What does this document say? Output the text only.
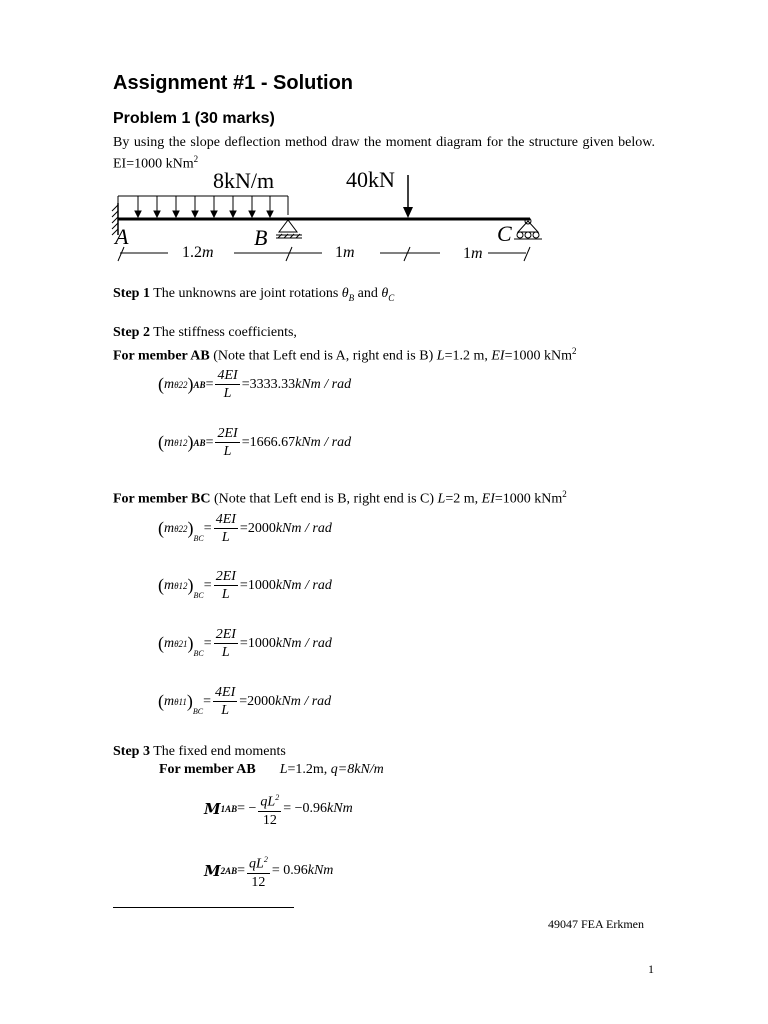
Assignment #1 - Solution
Problem 1 (30 marks)
By using the slope deflection method draw the moment diagram for the structure given below. EI=1000 kNm$^2$
8kN/m	40kN
A	B	C
1.2m	1m	1m
Step 1 The unknowns are joint rotations $\theta_B$ and $\theta_C$
Step 2 The stiffness coefficients,
For member AB (Note that Left end is A, right end is B) L=1.2 m, EI=1000 kNm$^2$
( m θ22 ) AB = $\frac{4EI}{L} = 3333.33$ kNm / rad
( m θ12 ) AB = $\frac{2EI}{L} = 1666.67$ kNm / rad
For member BC (Note that Left end is B, right end is C) L=2 m, EI=1000 kNm$^2$
( m θ22 )
BC
= $\frac{4EI}{L} = 2000$ kNm / rad
( m θ12 )
BC
= $\frac{2EI}{L} = 1000$ kNm / rad
( m θ21 )
BC
= $\frac{2EI}{L} = 1000$ kNm / rad
( m θ11 )
BC
= $\frac{4EI}{L} = 2000$ kNm / rad
Step 3 The fixed end moments
For member AB L=1.2m, q=8kN/m
M 1AB = − $\frac{qL^2}{12} = -0.96$ kNm
M $2AB = \frac{qL^2}{12} = 0.96$ kNm
49047 FEA Erkmen
1
